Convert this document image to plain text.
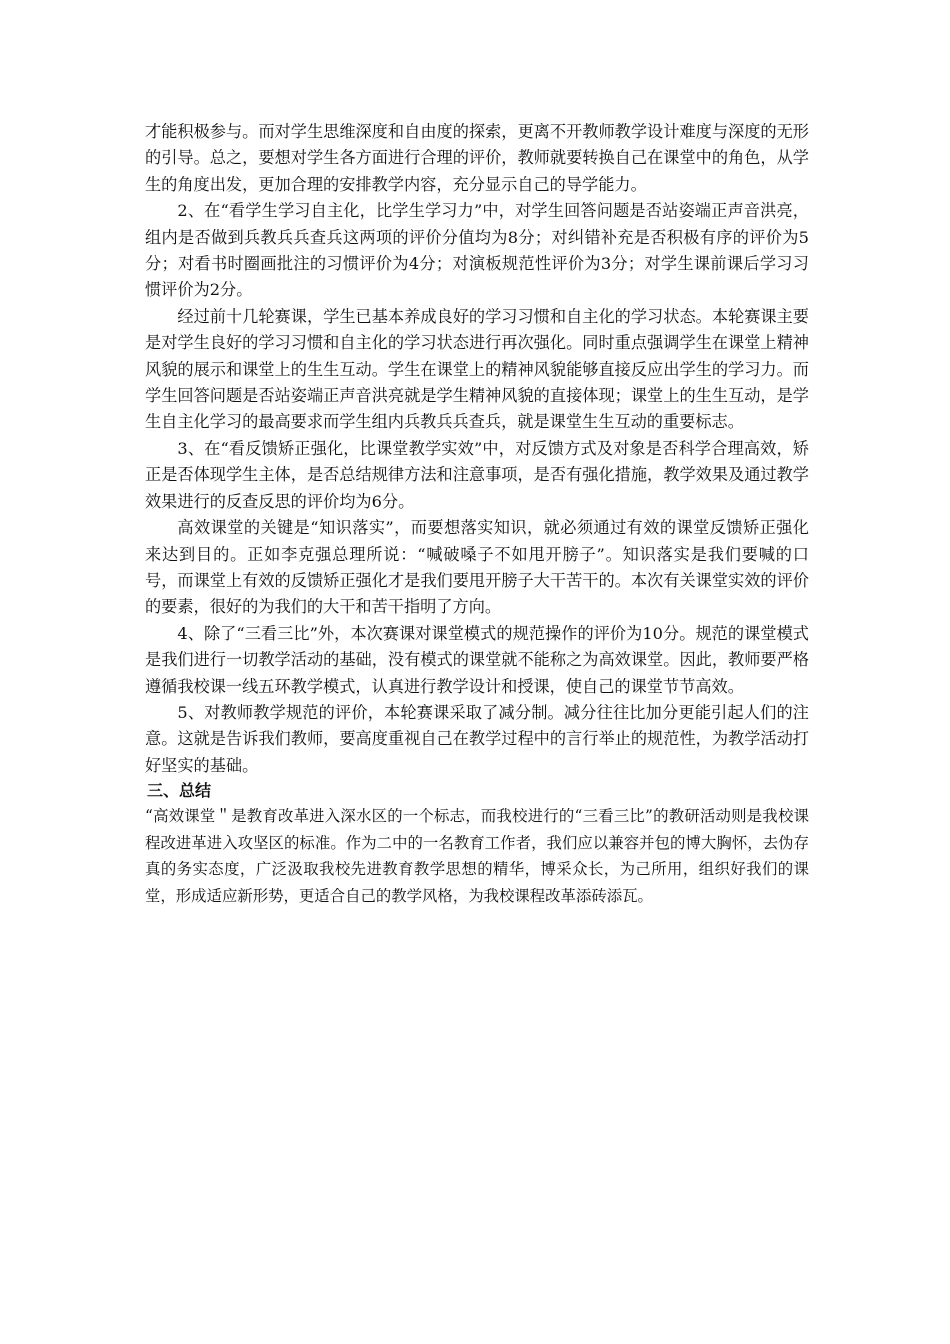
才能积极参与。而对学生思维深度和自由度的探索，更离不开教师教学设计难度与深度的无形的引导。总之，要想对学生各方面进行合理的评价，教师就要转换自己在课堂中的角色，从学生的角度出发，更加合理的安排教学内容，充分显示自己的导学能力。

2、在“看学生学习自主化，比学生学习力”中，对学生回答问题是否站姿端正声音洪亮，组内是否做到兵教兵兵查兵这两项的评价分值均为8分；对纠错补充是否积极有序的评价为5分；对看书时圈画批注的习惯评价为4分；对演板规范性评价为3分；对学生课前课后学习习惯评价为2分。

经过前十几轮赛课，学生已基本养成良好的学习习惯和自主化的学习状态。本轮赛课主要是对学生良好的学习习惯和自主化的学习状态进行再次强化。同时重点强调学生在课堂上精神风貌的展示和课堂上的生生互动。学生在课堂上的精神风貌能够直接反应出学生的学习力。而学生回答问题是否站姿端正声音洪亮就是学生精神风貌的直接体现；课堂上的生生互动，是学生自主化学习的最高要求而学生组内兵教兵兵查兵，就是课堂生生互动的重要标志。

3、在“看反馈矫正强化，比课堂教学实效”中，对反馈方式及对象是否科学合理高效，矫正是否体现学生主体，是否总结规律方法和注意事项，是否有强化措施，教学效果及通过教学效果进行的反查反思的评价均为6分。

高效课堂的关键是“知识落实”，而要想落实知识，就必须通过有效的课堂反馈矫正强化来达到目的。正如李克强总理所说：“喊破嗓子不如甩开膀子”。知识落实是我们要喊的口号，而课堂上有效的反馈矫正强化才是我们要甩开膀子大干苦干的。本次有关课堂实效的评价的要素，很好的为我们的大干和苦干指明了方向。

4、除了“三看三比”外，本次赛课对课堂模式的规范操作的评价为10分。规范的课堂模式是我们进行一切教学活动的基础，没有模式的课堂就不能称之为高效课堂。因此，教师要严格遵循我校课一线五环教学模式，认真进行教学设计和授课，使自己的课堂节节高效。

5、对教师教学规范的评价，本轮赛课采取了减分制。减分往往比加分更能引起人们的注意。这就是告诉我们教师，要高度重视自己在教学过程中的言行举止的规范性，为教学活动打好坚实的基础。

三、总结

“高效课堂＂是教育改革进入深水区的一个标志，而我校进行的“三看三比”的教研活动则是我校课程改进革进入攻坚区的标准。作为二中的一名教育工作者，我们应以兼容并包的博大胸怀，去伪存真的务实态度，广泛汲取我校先进教育教学思想的精华，博采众长，为己所用，组织好我们的课堂，形成适应新形势，更适合自己的教学风格，为我校课程改革添砖添瓦。
